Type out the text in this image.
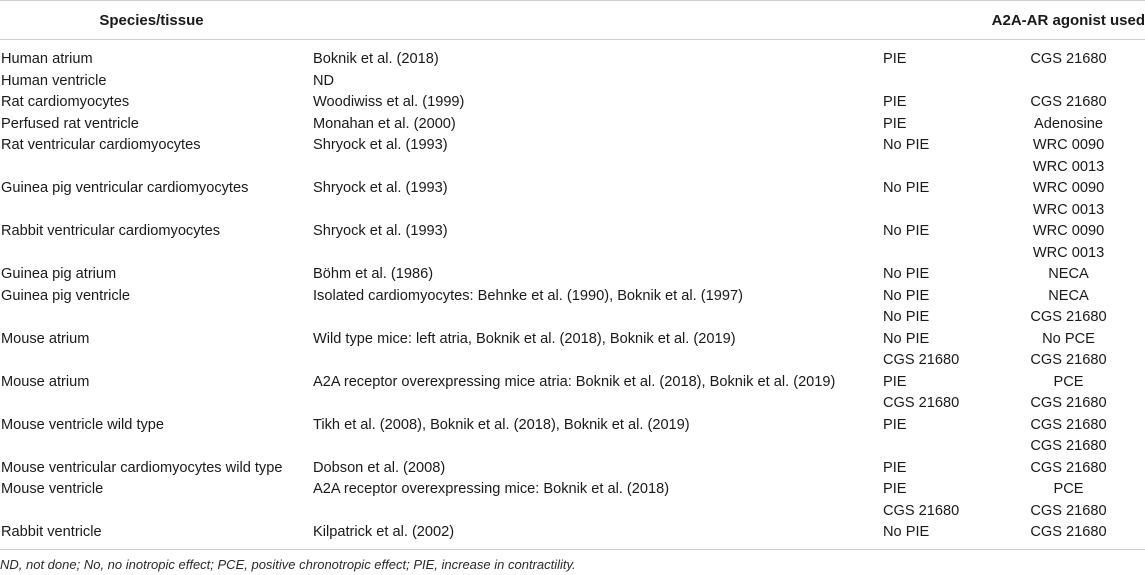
Species/tissue			A2A-AR agonist used
Human atrium	Boknik et al. (2018)	PIE	CGS 21680
Human ventricle	ND		
Rat cardiomyocytes	Woodiwiss et al. (1999)	PIE	CGS 21680
Perfused rat ventricle	Monahan et al. (2000)	PIE	Adenosine
Rat ventricular cardiomyocytes	Shryock et al. (1993)	No PIE	WRC 0090
			WRC 0013
Guinea pig ventricular cardiomyocytes	Shryock et al. (1993)	No PIE	WRC 0090
			WRC 0013
Rabbit ventricular cardiomyocytes	Shryock et al. (1993)	No PIE	WRC 0090
			WRC 0013
Guinea pig atrium	Böhm et al. (1986)	No PIE	NECA
Guinea pig ventricle	Isolated cardiomyocytes: Behnke et al. (1990), Boknik et al. (1997)	No PIE	NECA
		No PIE	CGS 21680
Mouse atrium	Wild type mice: left atria, Boknik et al. (2018), Boknik et al. (2019)	No PIE	No PCE
		CGS 21680	CGS 21680
Mouse atrium	A2A receptor overexpressing mice atria: Boknik et al. (2018), Boknik et al. (2019)	PIE	PCE
		CGS 21680	CGS 21680
Mouse ventricle wild type	Tikh et al. (2008), Boknik et al. (2018), Boknik et al. (2019)	PIE	CGS 21680
			CGS 21680
Mouse ventricular cardiomyocytes wild type	Dobson et al. (2008)	PIE	CGS 21680
Mouse ventricle	A2A receptor overexpressing mice: Boknik et al. (2018)	PIE	PCE
		CGS 21680	CGS 21680
Rabbit ventricle	Kilpatrick et al. (2002)	No PIE	CGS 21680
ND, not done; No, no inotropic effect; PCE, positive chronotropic effect; PIE, increase in contractility.
